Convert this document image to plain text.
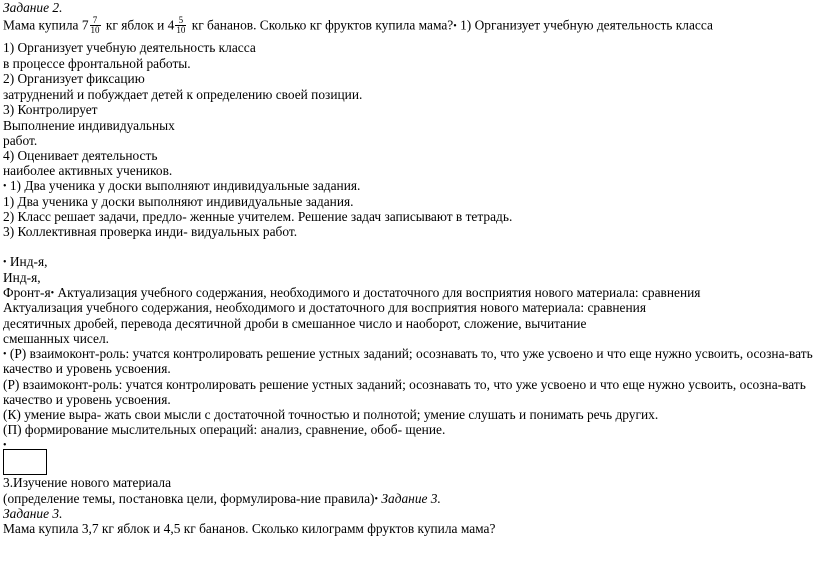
Задание 2.
Мама купила $7 \frac{7}{10}$ кг яблок и $4 \frac{5}{10}$ кг бананов. Сколько кг фруктов купила мама?• 1) Организует учебную деятельность класса
1) Организует учебную деятельность класса
в процессе фронтальной работы.
2) Организует фиксацию
затруднений и побуждает детей к определению своей позиции.
3) Контролирует
Выполнение индивидуальных
работ.
4) Оценивает деятельность
наиболее активных учеников.
• 1) Два ученика у доски выполняют индивидуальные задания.
1) Два ученика у доски выполняют индивидуальные задания.
2) Класс решает задачи, предло- женные учителем. Решение задач записывают в тетрадь.
3) Коллективная проверка инди- видуальных работ.
• Инд-я,
Инд-я,
Фронт-я• Актуализация учебного содержания, необходимого и достаточного для восприятия нового материала: сравнения
Актуализация учебного содержания, необходимого и достаточного для восприятия нового материала: сравнения
десятичных дробей, перевода десятичной дроби в смешанное число и наоборот, сложение, вычитание
смешанных чисел.
• (Р) взаимоконт-роль: учатся контролировать решение устных заданий; осознавать то, что уже усвоено и что еще нужно усвоить, осозна-вать
качество и уровень усвоения.
(Р) взаимоконт-роль: учатся контролировать решение устных заданий; осознавать то, что уже усвоено и что еще нужно усвоить, осозна-вать
качество и уровень усвоения.
(К) умение выра- жать свои мысли с достаточной точностью и полнотой; умение слушать и понимать речь других.
(П) формирование мыслительных операций: анализ, сравнение, обоб- щение.
•
3.Изучение нового материала
(определение темы, постановка цели, формулирова-ние правила)• Задание 3.
Задание 3.
Мама купила 3,7 кг яблок и 4,5 кг бананов. Сколько килограмм фруктов купила мама?
